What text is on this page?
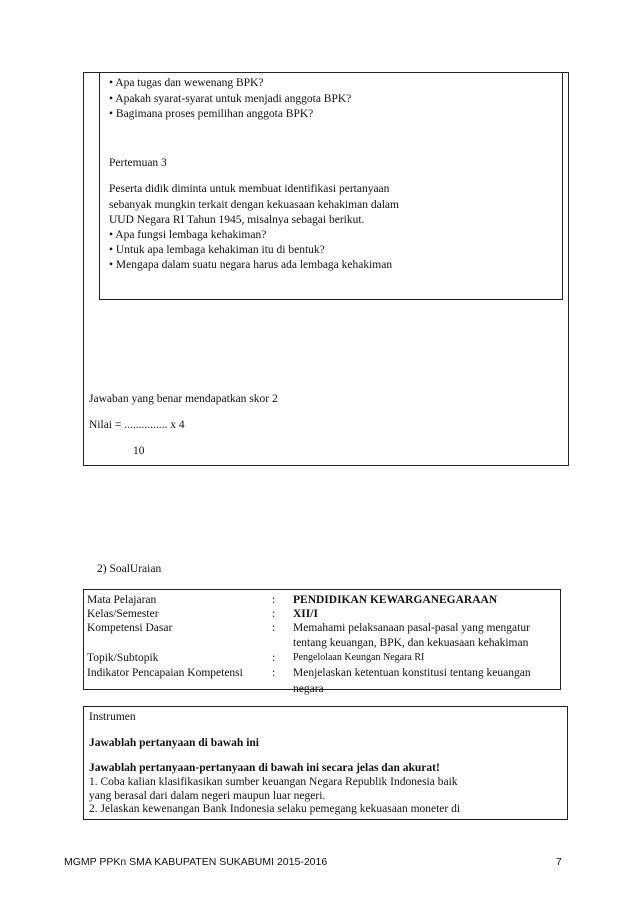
• Apa tugas dan wewenang BPK?
• Apakah syarat-syarat untuk menjadi anggota BPK?
• Bagimana proses pemilihan anggota BPK?
Pertemuan 3
Peserta didik diminta untuk membuat identifikasi pertanyaan
sebanyak mungkin terkait dengan kekuasaan kehakiman dalam
UUD Negara RI Tahun 1945, misalnya sebagai berikut.
• Apa fungsi lembaga kehakiman?
• Untuk apa lembaga kehakiman itu di bentuk?
• Mengapa dalam suatu negara harus ada lembaga kehakiman
Jawaban yang benar mendapatkan skor 2
Nilai = ............... x 4
10
2) SoalUraian
Mata Pelajaran	: PENDIDIKAN KEWARGANEGARAAN
Kelas/Semester	: XII/I
Kompetensi Dasar	: Memahami pelaksanaan pasal-pasal yang mengatur
tentang keuangan, BPK, dan kekuasaan kehakiman
Topik/Subtopik	: Pengelolaan Keungan Negara RI
Indikator Pencapaian Kompetensi	: Menjelaskan ketentuan konstitusi tentang keuangan
negara
Instrumen
Jawablah pertanyaan di bawah ini
Jawablah pertanyaan-pertanyaan di bawah ini secara jelas dan akurat!
1. Coba kalian klasifikasikan sumber keuangan Negara Republik Indonesia baik
yang berasal dari dalam negeri maupun luar negeri.
2. Jelaskan kewenangan Bank Indonesia selaku pemegang kekuasaan moneter di
MGMP PPKn SMA KABUPATEN SUKABUMI 2015-2016	7
